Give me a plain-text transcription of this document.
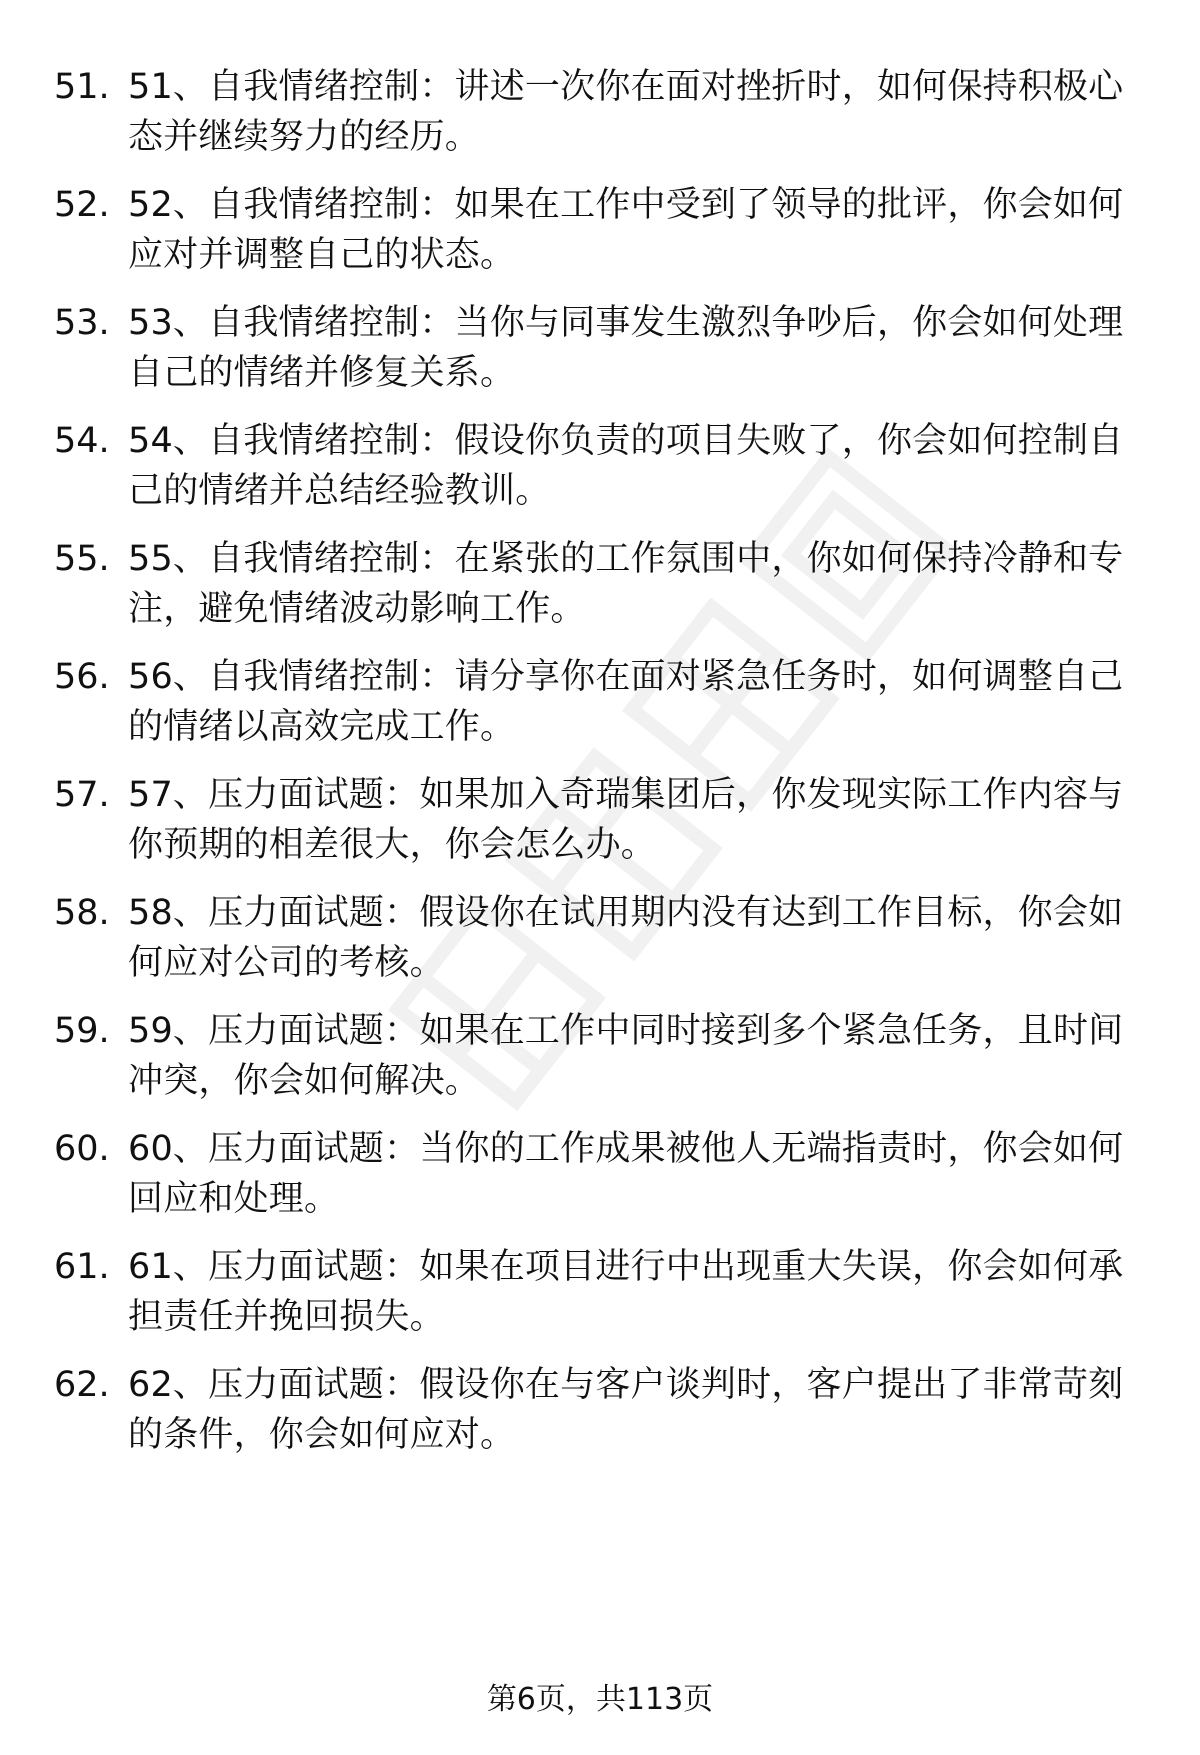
51. 51、自我情绪控制：讲述一次你在面对挫折时，如何保持积极心态并继续努力的经历。
52. 52、自我情绪控制：如果在工作中受到了领导的批评，你会如何应对并调整自己的状态。
53. 53、自我情绪控制：当你与同事发生激烈争吵后，你会如何处理自己的情绪并修复关系。
54. 54、自我情绪控制：假设你负责的项目失败了，你会如何控制自己的情绪并总结经验教训。
55. 55、自我情绪控制：在紧张的工作氛围中，你如何保持冷静和专注，避免情绪波动影响工作。
56. 56、自我情绪控制：请分享你在面对紧急任务时，如何调整自己的情绪以高效完成工作。
57. 57、压力面试题：如果加入奇瑞集团后，你发现实际工作内容与你预期的相差很大，你会怎么办。
58. 58、压力面试题：假设你在试用期内没有达到工作目标，你会如何应对公司的考核。
59. 59、压力面试题：如果在工作中同时接到多个紧急任务，且时间冲突，你会如何解决。
60. 60、压力面试题：当你的工作成果被他人无端指责时，你会如何回应和处理。
61. 61、压力面试题：如果在项目进行中出现重大失误，你会如何承担责任并挽回损失。
62. 62、压力面试题：假设你在与客户谈判时，客户提出了非常苛刻的条件，你会如何应对。
第6页，共113页
